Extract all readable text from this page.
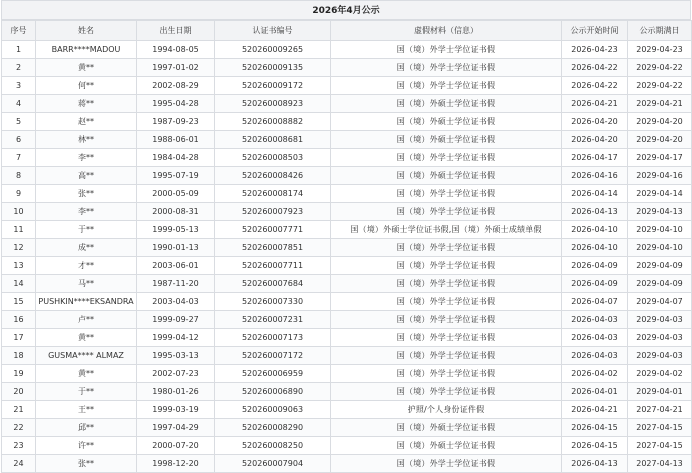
2026年4月公示
序号	姓名	出生日期	认证书编号	虚假材料（信息）	公示开始时间	公示期满日
1	BARR****MADOU	1994-08-05	520260009265	国（境）外学士学位证书假	2026-04-23	2029-04-23
2	黄**	1997-01-02	520260009135	国（境）外学士学位证书假	2026-04-22	2029-04-22
3	何**	2002-08-29	520260009172	国（境）外学士学位证书假	2026-04-22	2029-04-22
4	蒋**	1995-04-28	520260008923	国（境）外硕士学位证书假	2026-04-21	2029-04-21
5	赵**	1987-09-23	520260008882	国（境）外硕士学位证书假	2026-04-20	2029-04-20
6	林**	1988-06-01	520260008681	国（境）外硕士学位证书假	2026-04-20	2029-04-20
7	李**	1984-04-28	520260008503	国（境）外学士学位证书假	2026-04-17	2029-04-17
8	高**	1995-07-19	520260008426	国（境）外硕士学位证书假	2026-04-16	2029-04-16
9	张**	2000-05-09	520260008174	国（境）外学士学位证书假	2026-04-14	2029-04-14
10	李**	2000-08-31	520260007923	国（境）外学士学位证书假	2026-04-13	2029-04-13
11	于**	1999-05-13	520260007771	国（境）外硕士学位证书假,国（境）外硕士成绩单假	2026-04-10	2029-04-10
12	成**	1990-01-13	520260007851	国（境）外学士学位证书假	2026-04-10	2029-04-10
13	才**	2003-06-01	520260007711	国（境）外学士学位证书假	2026-04-09	2029-04-09
14	马**	1987-11-20	520260007684	国（境）外学士学位证书假	2026-04-09	2029-04-09
15	PUSHKIN****EKSANDRA	2003-04-03	520260007330	国（境）外学士学位证书假	2026-04-07	2029-04-07
16	卢**	1999-09-27	520260007231	国（境）外学士学位证书假	2026-04-03	2029-04-03
17	黄**	1999-04-12	520260007173	国（境）外学士学位证书假	2026-04-03	2029-04-03
18	GUSMA**** ALMAZ	1995-03-13	520260007172	国（境）外学士学位证书假	2026-04-03	2029-04-03
19	黄**	2002-07-23	520260006959	国（境）外学士学位证书假	2026-04-02	2029-04-02
20	于**	1980-01-26	520260006890	国（境）外学士学位证书假	2026-04-01	2029-04-01
21	王**	1999-03-19	520260009063	护照/个人身份证件假	2026-04-21	2027-04-21
22	邱**	1997-04-29	520260008290	国（境）外硕士学位证书假	2026-04-15	2027-04-15
23	许**	2000-07-20	520260008250	国（境）外硕士学位证书假	2026-04-15	2027-04-15
24	张**	1998-12-20	520260007904	国（境）外学士学位证书假	2026-04-13	2027-04-13
